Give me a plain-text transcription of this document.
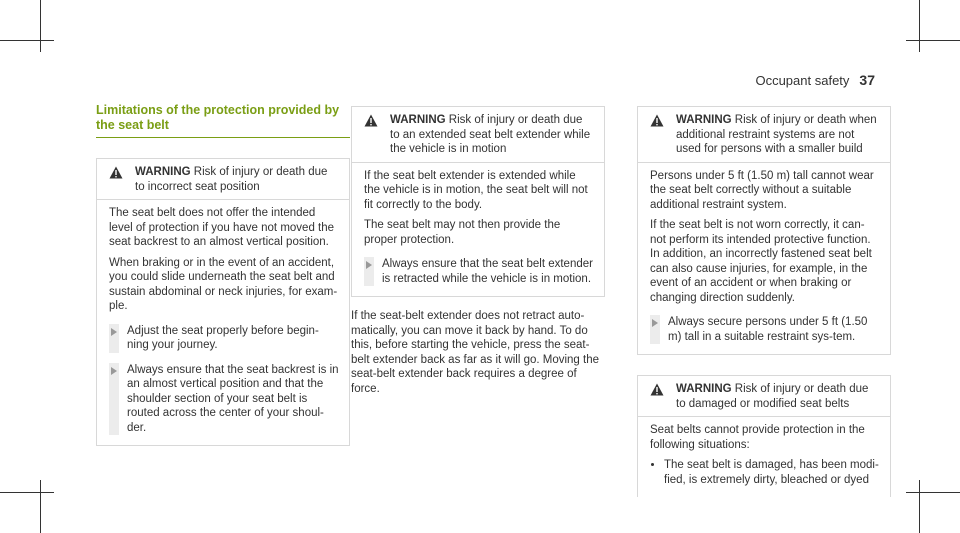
Occupant safety 37
Limitations of the protection provided by the seat belt
WARNING Risk of injury or death due to incorrect seat position

The seat belt does not offer the intended level of protection if you have not moved the seat backrest to an almost vertical position.

When braking or in the event of an accident, you could slide underneath the seat belt and sustain abdominal or neck injuries, for exam-ple.

Adjust the seat properly before begin-ning your journey.
Always ensure that the seat backrest is in an almost vertical position and that the shoulder section of your seat belt is routed across the center of your shoul-der.
WARNING Risk of injury or death due to an extended seat belt extender while the vehicle is in motion

If the seat belt extender is extended while the vehicle is in motion, the seat belt will not fit correctly to the body.

The seat belt may not then provide the proper protection.

Always ensure that the seat belt extender is retracted while the vehicle is in motion.

If the seat-belt extender does not retract auto-matically, you can move it back by hand. To do this, before starting the vehicle, press the seat-belt extender back as far as it will go. Moving the seat-belt extender back requires a degree of force.

WARNING Risk of injury or death when additional restraint systems are not used for persons with a smaller build

Persons under 5 ft (1.50 m) tall cannot wear the seat belt correctly without a suitable additional restraint system.

If the seat belt is not worn correctly, it can-not perform its intended protective function. In addition, an incorrectly fastened seat belt can also cause injuries, for example, in the event of an accident or when braking or changing direction suddenly.

Always secure persons under 5 ft (1.50 m) tall in a suitable restraint sys-tem.
WARNING Risk of injury or death due to damaged or modified seat belts

Seat belts cannot provide protection in the following situations:

• The seat belt is damaged, has been modi-fied, is extremely dirty, bleached or dyed
